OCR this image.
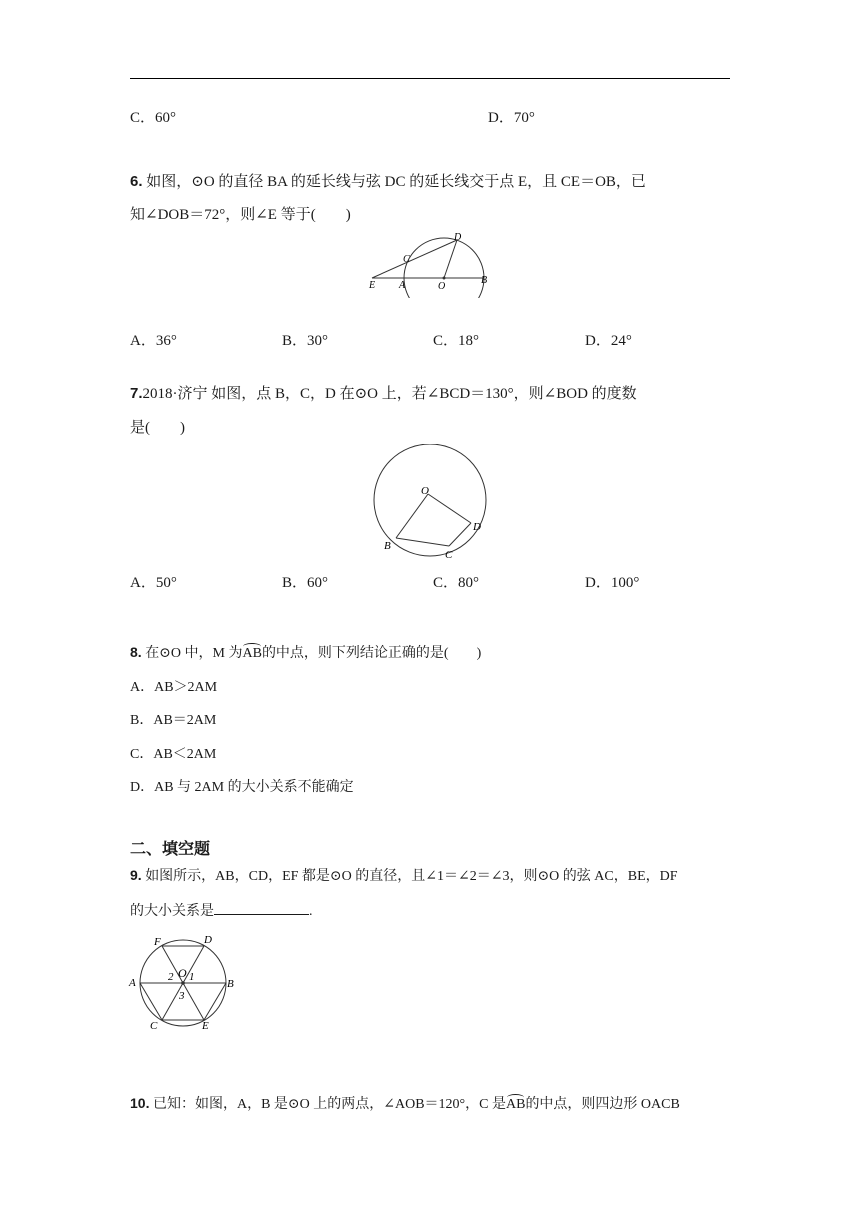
C．60°	D．70°
6. 如图，⊙O 的直径 BA 的延长线与弦 DC 的延长线交于点 E，且 CE＝OB，已
知∠DOB＝72°，则∠E 等于(　　)
D
C
E A	O
B
A．36°	B．30°	C．18°	D．24°
7.2018·济宁 如图，点 B，C，D 在⊙O 上，若∠BCD＝130°，则∠BOD 的度数
是(　　)
O
B
C
D
A．50°	B．60°	C．80°	D．100°
8. 在⊙O 中，M 为AB的中点，则下列结论正确的是(　　)
A．AB＞2AM
B．AB＝2AM
C．AB＜2AM
D．AB 与 2AM 的大小关系不能确定
二、填空题
9. 如图所示，AB，CD，EF 都是⊙O 的直径，且∠1＝∠2＝∠3，则⊙O 的弦 AC，BE，DF
的大小关系是	.
F	D
A	B
C	E
O 1
2
3
10. 已知：如图，A，B 是⊙O 上的两点，∠AOB＝120°，C 是AB的中点，则四边形 OACB
